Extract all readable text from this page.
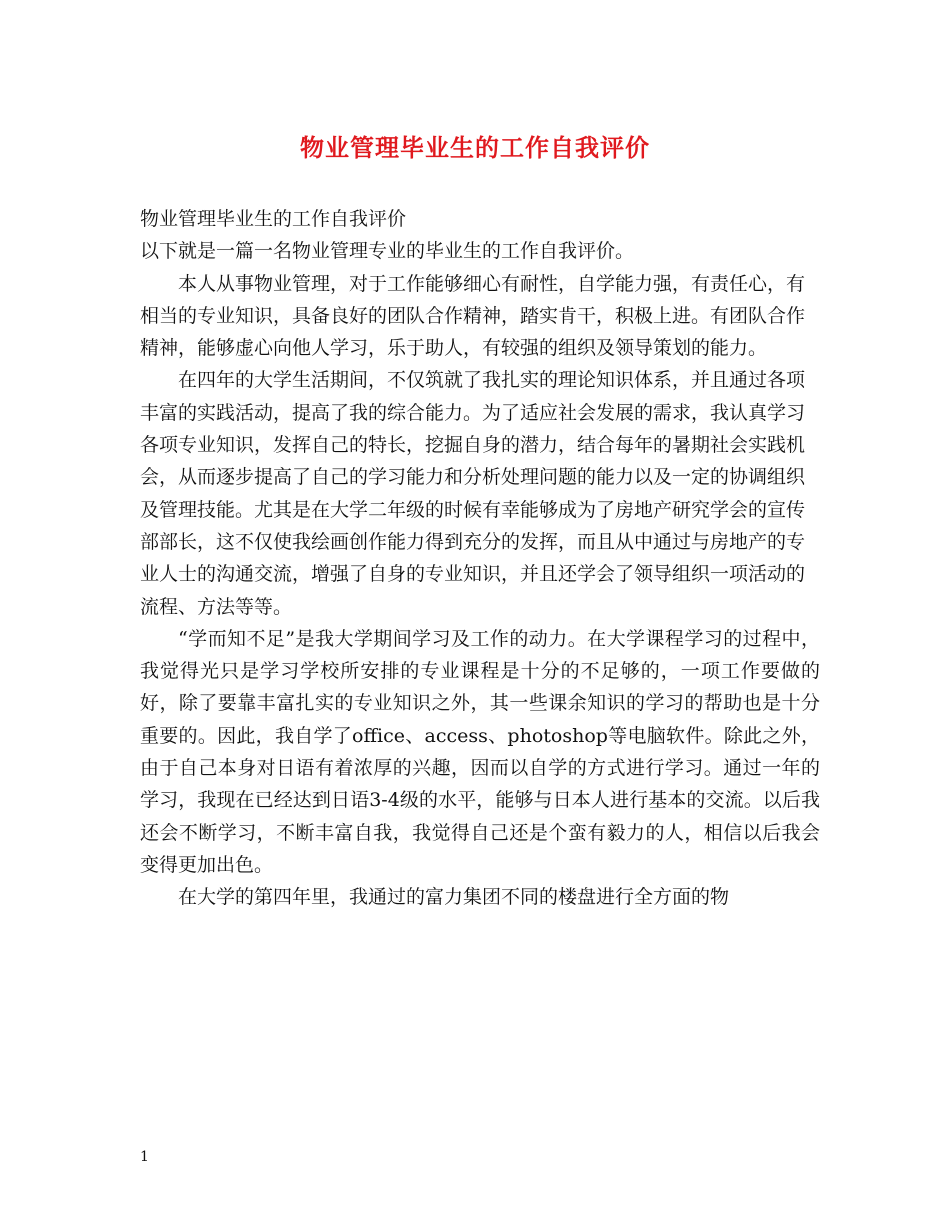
物业管理毕业生的工作自我评价

物业管理毕业生的工作自我评价

以下就是一篇一名物业管理专业的毕业生的工作自我评价。

本人从事物业管理，对于工作能够细心有耐性，自学能力强，有责任心，有相当的专业知识，具备良好的团队合作精神，踏实肯干，积极上进。有团队合作精神，能够虚心向他人学习，乐于助人，有较强的组织及领导策划的能力。

在四年的大学生活期间，不仅筑就了我扎实的理论知识体系，并且通过各项丰富的实践活动，提高了我的综合能力。为了适应社会发展的需求，我认真学习各项专业知识，发挥自己的特长，挖掘自身的潜力，结合每年的暑期社会实践机会，从而逐步提高了自己的学习能力和分析处理问题的能力以及一定的协调组织及管理技能。尤其是在大学二年级的时候有幸能够成为了房地产研究学会的宣传部部长，这不仅使我绘画创作能力得到充分的发挥，而且从中通过与房地产的专业人士的沟通交流，增强了自身的专业知识，并且还学会了领导组织一项活动的流程、方法等等。

“学而知不足”是我大学期间学习及工作的动力。在大学课程学习的过程中，我觉得光只是学习学校所安排的专业课程是十分的不足够的，一项工作要做的好，除了要靠丰富扎实的专业知识之外，其一些课余知识的学习的帮助也是十分重要的。因此，我自学了office、access、photoshop等电脑软件。除此之外，由于自己本身对日语有着浓厚的兴趣，因而以自学的方式进行学习。通过一年的学习，我现在已经达到日语3-4级的水平，能够与日本人进行基本的交流。以后我还会不断学习，不断丰富自我，我觉得自己还是个蛮有毅力的人，相信以后我会变得更加出色。

在大学的第四年里，我通过的富力集团不同的楼盘进行全方面的物

1
